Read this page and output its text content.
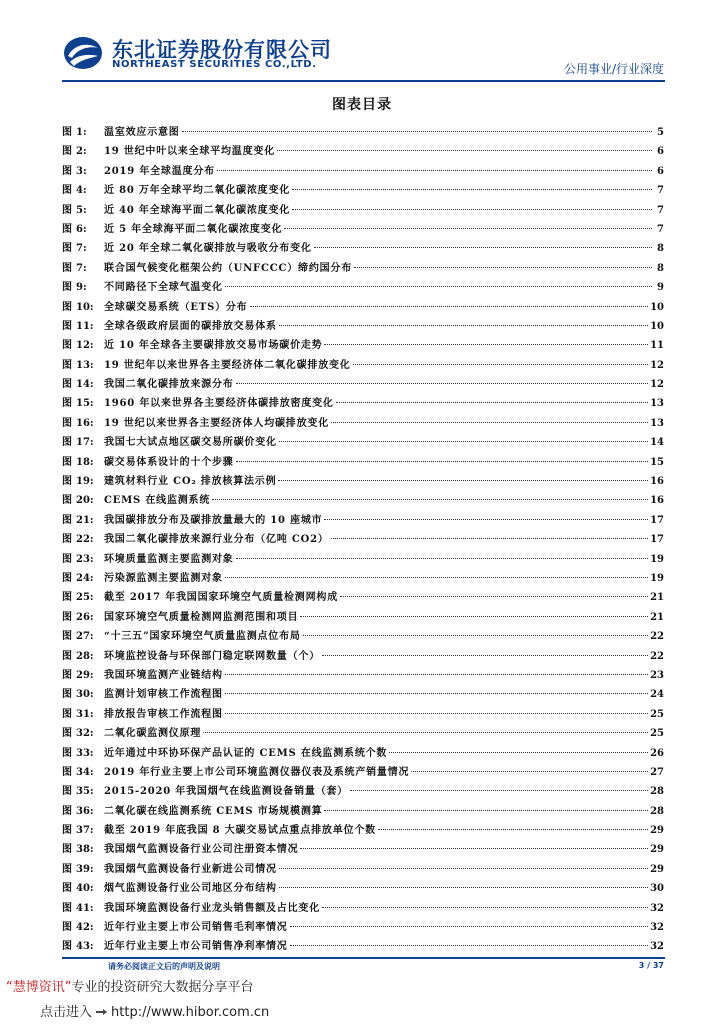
东北证券股份有限公司
NORTHEAST SECURITIES CO.,LTD.	公用事业/行业深度
图表目录
图 1:	温室效应示意图	5
图 2:	19 世纪中叶以来全球平均温度变化	6
图 3:	2019 年全球温度分布	6
图 4:	近 80 万年全球平均二氧化碳浓度变化	7
图 5:	近 40 年全球海平面二氧化碳浓度变化	7
图 6:	近 5 年全球海平面二氧化碳浓度变化	7
图 7:	近 20 年全球二氧化碳排放与吸收分布变化	8
图 7:	联合国气候变化框架公约（UNFCCC）缔约国分布	8
图 9:	不同路径下全球气温变化	9
图 10:	全球碳交易系统（ETS）分布	10
图 11:	全球各级政府层面的碳排放交易体系	10
图 12:	近 10 年全球各主要碳排放交易市场碳价走势	11
图 13:	19 世纪年以来世界各主要经济体二氧化碳排放变化	12
图 14:	我国二氧化碳排放来源分布	12
图 15:	1960 年以来世界各主要经济体碳排放密度变化	13
图 16:	19 世纪以来世界各主要经济体人均碳排放变化	13
图 17:	我国七大试点地区碳交易所碳价变化	14
图 18:	碳交易体系设计的十个步骤	15
图 19:	建筑材料行业 CO₂ 排放核算法示例	16
图 20:	CEMS 在线监测系统	16
图 21:	我国碳排放分布及碳排放量最大的 10 座城市	17
图 22:	我国二氧化碳排放来源行业分布（亿吨 CO2）	17
图 23:	环境质量监测主要监测对象	19
图 24:	污染源监测主要监测对象	19
图 25:	截至 2017 年我国国家环境空气质量检测网构成	21
图 26:	国家环境空气质量检测网监测范围和项目	21
图 27:	“十三五”国家环境空气质量监测点位布局	22
图 28:	环境监控设备与环保部门稳定联网数量（个）	22
图 29:	我国环境监测产业链结构	23
图 30:	监测计划审核工作流程图	24
图 31:	排放报告审核工作流程图	25
图 32:	二氧化碳监测仪原理	25
图 33:	近年通过中环协环保产品认证的 CEMS 在线监测系统个数	26
图 34:	2019 年行业主要上市公司环境监测仪器仪表及系统产销量情况	27
图 35:	2015-2020 年我国烟气在线监测设备销量（套）	28
图 36:	二氧化碳在线监测系统 CEMS 市场规模测算	28
图 37:	截至 2019 年底我国 8 大碳交易试点重点排放单位个数	29
图 38:	我国烟气监测设备行业公司注册资本情况	29
图 39:	我国烟气监测设备行业新进公司情况	29
图 40:	烟气监测设备行业公司地区分布结构	30
图 41:	我国环境监测设备行业龙头销售额及占比变化	32
图 42:	近年行业主要上市公司销售毛利率情况	32
图 43:	近年行业主要上市公司销售净利率情况	32
请务必阅读正文后的声明及说明	3 / 37
“慧博资讯”专业的投资研究大数据分享平台
点击进入 http://www.hibor.com.cn
